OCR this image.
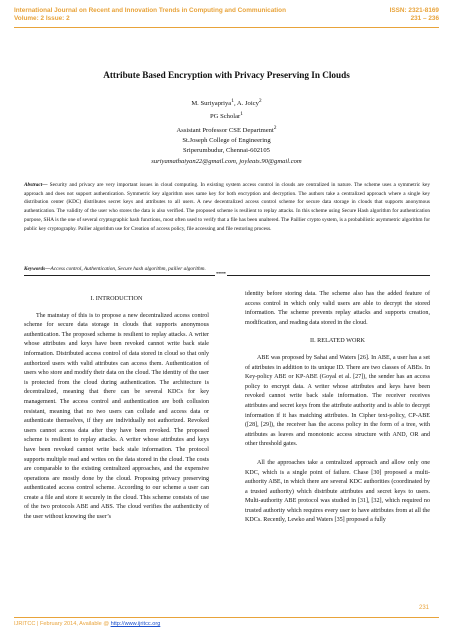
International Journal on Recent and Innovation Trends in Computing and Communication
Volume: 2 Issue: 2
ISSN: 2321-8169
231 – 236
Attribute Based Encryption with Privacy Preserving In Clouds
M. Suriyapriya$^1$, A. Joicy$^2$
PG Scholar$^1$
Assistant Professor CSE Department$^2$
St.Joseph College of Engineering
Sriperumbudur, Chennai-602105
suriyamathaiyan22@gmail.com, joyleats.90@gmail.com
Abstract— Security and privacy are very important issues in cloud computing. In existing system access control in clouds are centralized in nature. The scheme uses a symmetric key approach and does not support authentication. Symmetric key algorithm uses same key for both encryption and decryption. The authors take a centralized approach where a single key distribution center (KDC) distributes secret keys and attributes to all users. A new decentralized access control scheme for secure data storage in clouds that supports anonymous authentication. The validity of the user who stores the data is also verified. The proposed scheme is resilient to replay attacks. In this scheme using Secure Hash algorithm for authentication purpose, SHA is the one of several cryptographic hash functions, most often used to verify that a file has been unaltered. The Paillier crypto system, is a probabilistic asymmetric algorithm for public key cryptography. Pailier algorithm use for Creation of access policy, file accessing and file restoring process.
Keywords—Access control, Authentication, Secure hash algorithm, pailier algorithm.
*****
I. INTRODUCTION

The mainstay of this is to propose a new decentralized access control scheme for secure data storage in clouds that supports anonymous authentication. The proposed scheme is resilient to replay attacks. A writer whose attributes and keys have been revoked cannot write back stale information. Distributed access control of data stored in cloud so that only authorized users with valid attributes can access them. Authentication of users who store and modify their data on the cloud. The identity of the user is protected from the cloud during authentication. The architecture is decentralized, meaning that there can be several KDCs for key management. The access control and authentication are both collusion resistant, meaning that no two users can collude and access data or authenticate themselves, if they are individually not authorized. Revoked users cannot access data after they have been revoked. The proposed scheme is resilient to replay attacks. A writer whose attributes and keys have been revoked cannot write back stale information. The protocol supports multiple read and writes on the data stored in the cloud. The costs are comparable to the existing centralized approaches, and the expensive operations are mostly done by the cloud. Proposing privacy preserving authenticated access control scheme. According to our scheme a user can create a file and store it securely in the cloud. This scheme consists of use of the two protocols ABE and ABS. The cloud verifies the authenticity of the user without knowing the user’s

identity before storing data. The scheme also has the added feature of access control in which only valid users are able to decrypt the stored information. The scheme prevents replay attacks and supports creation, modification, and reading data stored in the cloud.

II. RELATED WORK

ABE was proposed by Sahai and Waters [26]. In ABE, a user has a set of attributes in addition to its unique ID. There are two classes of ABEs. In Key-policy ABE or KP-ABE (Goyal et al. [27]), the sender has an access policy to encrypt data. A writer whose attributes and keys have been revoked cannot write back stale information. The receiver receives attributes and secret keys from the attribute authority and is able to decrypt information if it has matching attributes. In Cipher text-policy, CP-ABE ([28], [29]), the receiver has the access policy in the form of a tree, with attributes as leaves and monotonic access structure with AND, OR and other threshold gates.

All the approaches take a centralized approach and allow only one KDC, which is a single point of failure. Chase [30] proposed a multi-authority ABE, in which there are several KDC authorities (coordinated by a trusted authority) which distribute attributes and secret keys to users. Multi-authority ABE protocol was studied in [31], [32], which required no trusted authority which requires every user to have attributes from at all the KDCs. Recently, Lewko and Waters [35] proposed a fully

231
IJRITCC | February 2014, Available @ http://www.ijritcc.org
